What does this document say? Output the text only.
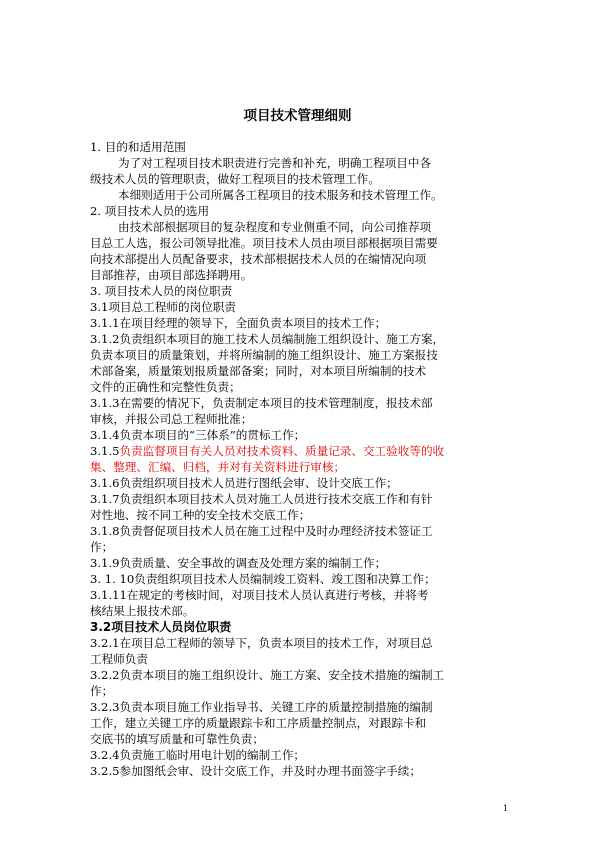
项目技术管理细则
1. 目的和适用范围
为了对工程项目技术职责进行完善和补充，明确工程项目中各
级技术人员的管理职责，做好工程项目的技术管理工作。
本细则适用于公司所属各工程项目的技术服务和技术管理工作。
2. 项目技术人员的选用
由技术部根据项目的复杂程度和专业侧重不同，向公司推荐项
目总工人选，报公司领导批准。项目技术人员由项目部根据项目需要
向技术部提出人员配备要求，技术部根据技术人员的在编情况向项
目部推荐，由项目部选择聘用。
3. 项目技术人员的岗位职责
3.1项目总工程师的岗位职责
3.1.1在项目经理的领导下，全面负责本项目的技术工作；
3.1.2负责组织本项目的施工技术人员编制施工组织设计、施工方案，
负责本项目的质量策划，并将所编制的施工组织设计、施工方案报技
术部备案，质量策划报质量部备案；同时，对本项目所编制的技术
文件的正确性和完整性负责；
3.1.3在需要的情况下，负责制定本项目的技术管理制度，报技术部
审核，并报公司总工程师批准；
3.1.4负责本项目的“三体系”的贯标工作；
3.1.5负责监督项目有关人员对技术资料、质量记录、交工验收等的收
集、整理、汇编、归档，并对有关资料进行审核；
3.1.6负责组织项目技术人员进行图纸会审、设计交底工作；
3.1.7负责组织本项目技术人员对施工人员进行技术交底工作和有针
对性地、按不同工种的安全技术交底工作；
3.1.8负责督促项目技术人员在施工过程中及时办理经济技术签证工
作；
3.1.9负责质量、安全事故的调查及处理方案的编制工作；
3. 1. 10负责组织项目技术人员编制竣工资料、竣工图和决算工作；
3.1.11在规定的考核时间，对项目技术人员认真进行考核，并将考
核结果上报技术部。
3.2项目技术人员岗位职责
3.2.1在项目总工程师的领导下，负责本项目的技术工作，对项目总
工程师负责
3.2.2负责本项目的施工组织设计、施工方案、安全技术措施的编制工
作；
3.2.3负责本项目施工作业指导书、关键工序的质量控制措施的编制
工作，建立关键工序的质量跟踪卡和工序质量控制点，对跟踪卡和
交底书的填写质量和可靠性负责；
3.2.4负责施工临时用电计划的编制工作；
3.2.5参加图纸会审、设计交底工作，并及时办理书面签字手续；
1
